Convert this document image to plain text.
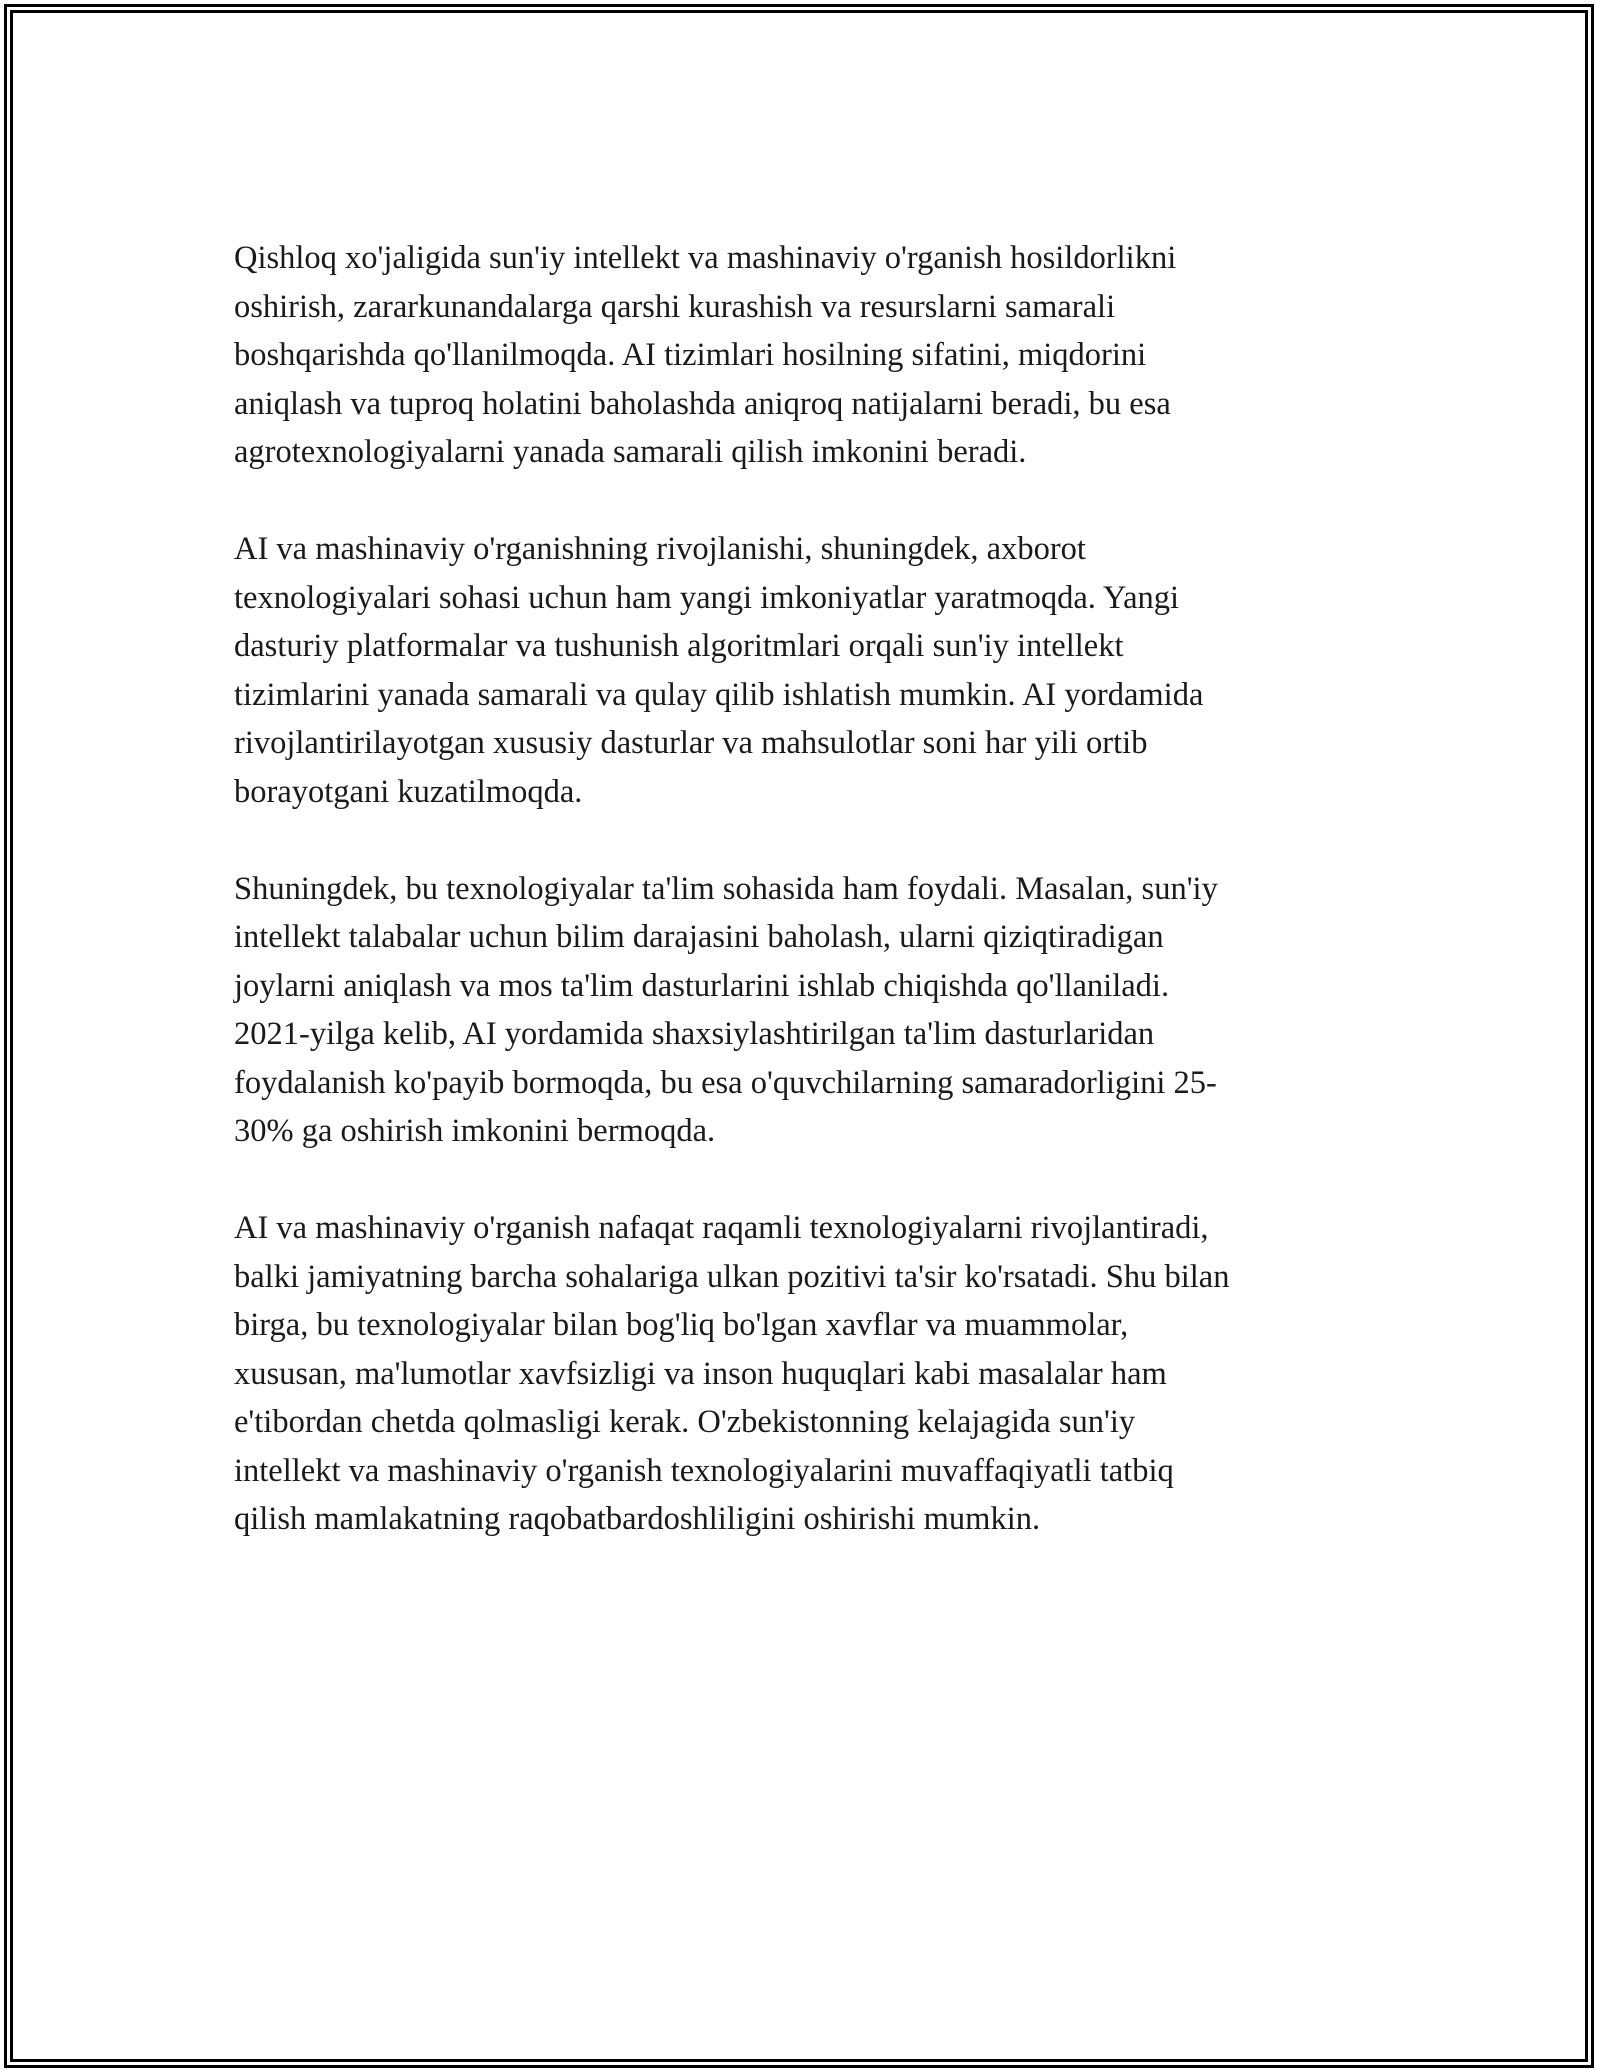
Qishloq xo'jaligida sun'iy intellekt va mashinaviy o'rganish hosildorlikni
oshirish, zararkunandalarga qarshi kurashish va resurslarni samarali
boshqarishda qo'llanilmoqda. AI tizimlari hosilning sifatini, miqdorini
aniqlash va tuproq holatini baholashda aniqroq natijalarni beradi, bu esa
agrotexnologiyalarni yanada samarali qilish imkonini beradi.

AI va mashinaviy o'rganishning rivojlanishi, shuningdek, axborot
texnologiyalari sohasi uchun ham yangi imkoniyatlar yaratmoqda. Yangi
dasturiy platformalar va tushunish algoritmlari orqali sun'iy intellekt
tizimlarini yanada samarali va qulay qilib ishlatish mumkin. AI yordamida
rivojlantirilayotgan xususiy dasturlar va mahsulotlar soni har yili ortib
borayotgani kuzatilmoqda.

Shuningdek, bu texnologiyalar ta'lim sohasida ham foydali. Masalan, sun'iy
intellekt talabalar uchun bilim darajasini baholash, ularni qiziqtiradigan
joylarni aniqlash va mos ta'lim dasturlarini ishlab chiqishda qo'llaniladi.
2021-yilga kelib, AI yordamida shaxsiylashtirilgan ta'lim dasturlaridan
foydalanish ko'payib bormoqda, bu esa o'quvchilarning samaradorligini 25-
30% ga oshirish imkonini bermoqda.

AI va mashinaviy o'rganish nafaqat raqamli texnologiyalarni rivojlantiradi,
balki jamiyatning barcha sohalariga ulkan pozitivi ta'sir ko'rsatadi. Shu bilan
birga, bu texnologiyalar bilan bog'liq bo'lgan xavflar va muammolar,
xususan, ma'lumotlar xavfsizligi va inson huquqlari kabi masalalar ham
e'tibordan chetda qolmasligi kerak. O'zbekistonning kelajagida sun'iy
intellekt va mashinaviy o'rganish texnologiyalarini muvaffaqiyatli tatbiq
qilish mamlakatning raqobatbardoshliligini oshirishi mumkin.
